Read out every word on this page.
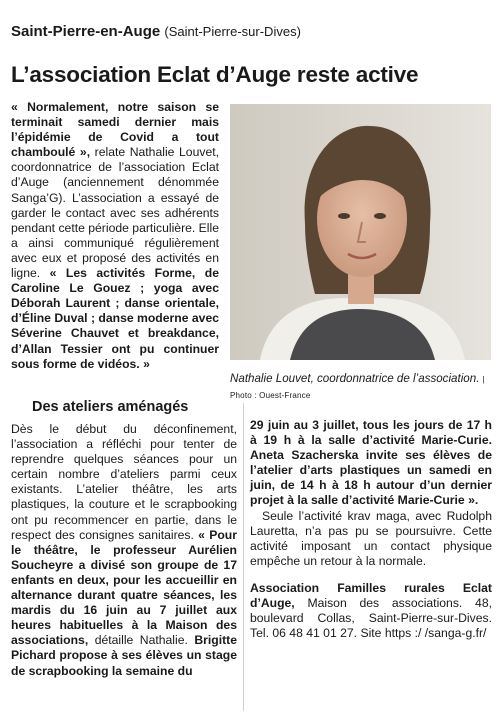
Saint-Pierre-en-Auge (Saint-Pierre-sur-Dives)
L’association Eclat d’Auge reste active

« Normalement, notre saison se terminait samedi dernier mais l’épidémie de Covid a tout chamboulé », relate Nathalie Louvet, coordonnatrice de l’association Eclat d’Auge (anciennement dénommée Sanga’G). L’association a essayé de garder le contact avec ses adhérents pendant cette période particulière. Elle a ainsi communiqué régulièrement avec eux et proposé des activités en ligne. « Les activités Forme, de Caroline Le Gouez ; yoga avec Déborah Laurent ; danse orientale, d’Éline Duval ; danse moderne avec Séverine Chauvet et breakdance, d’Allan Tessier ont pu continuer sous forme de vidéos. »

Nathalie Louvet, coordonnatrice de l’association. | Photo : Ouest-France
Des ateliers aménagés

Dès le début du déconfinement, l’association a réfléchi pour tenter de reprendre quelques séances pour un certain nombre d’ateliers parmi ceux existants. L’atelier théâtre, les arts plastiques, la couture et le scrapbooking ont pu recommencer en partie, dans le respect des consignes sanitaires. « Pour le théâtre, le professeur Aurélien Soucheyre a divisé son groupe de 17 enfants en deux, pour les accueillir en alternance durant quatre séances, les mardis du 16 juin au 7 juillet aux heures habituelles à la Maison des associations, détaille Nathalie. Brigitte Pichard propose à ses élèves un stage de scrapbooking la semaine du

29 juin au 3 juillet, tous les jours de 17 h à 19 h à la salle d’activité Marie-Curie. Aneta Szacherska invite ses élèves de l’atelier d’arts plastiques un samedi en juin, de 14 h à 18 h autour d’un dernier projet à la salle d’activité Marie-Curie ».

Seule l’activité krav maga, avec Rudolph Lauretta, n’a pas pu se poursuivre. Cette activité imposant un contact physique empêche un retour à la normale.

Association Familles rurales Eclat d’Auge, Maison des associations. 48, boulevard Collas, Saint-Pierre-sur-Dives. Tel. 06 48 41 01 27. Site https :/ /sanga-g.fr/
